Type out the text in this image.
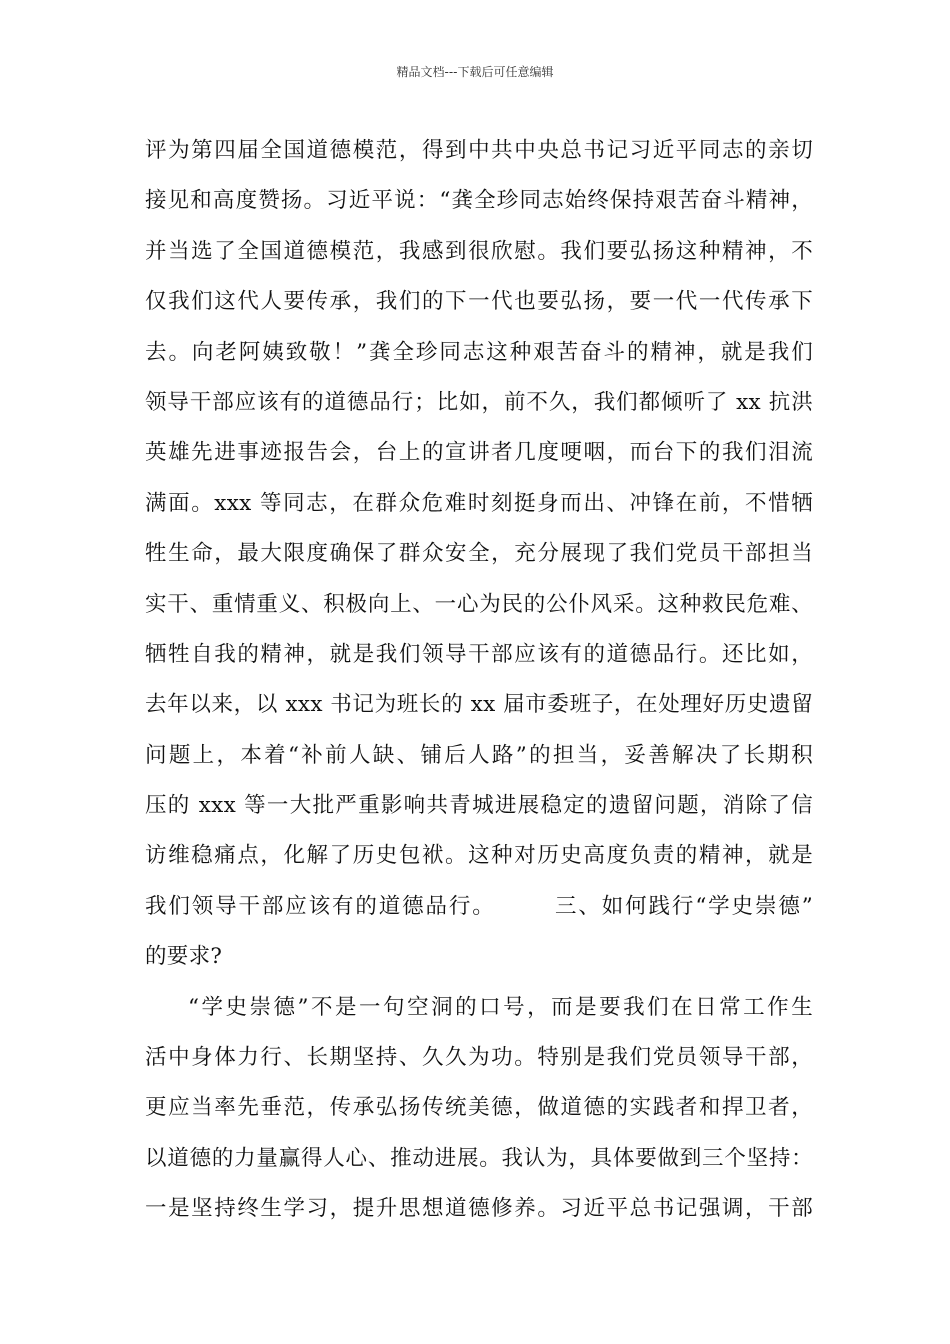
精品文档---下载后可任意编辑
评为第四届全国道德模范，得到中共中央总书记习近平同志的亲切
接见和高度赞扬。习近平说：“龚全珍同志始终保持艰苦奋斗精神，
并当选了全国道德模范，我感到很欣慰。我们要弘扬这种精神，不
仅我们这代人要传承，我们的下一代也要弘扬，要一代一代传承下
去。向老阿姨致敬！”龚全珍同志这种艰苦奋斗的精神，就是我们
领导干部应该有的道德品行；比如，前不久，我们都倾听了 xx 抗洪
英雄先进事迹报告会，台上的宣讲者几度哽咽，而台下的我们泪流
满面。xxx 等同志，在群众危难时刻挺身而出、冲锋在前，不惜牺
牲生命，最大限度确保了群众安全，充分展现了我们党员干部担当
实干、重情重义、积极向上、一心为民的公仆风采。这种救民危难、
牺牲自我的精神，就是我们领导干部应该有的道德品行。还比如，
去年以来，以 xxx 书记为班长的 xx 届市委班子，在处理好历史遗留
问题上，本着“补前人缺、铺后人路”的担当，妥善解决了长期积
压的 xxx 等一大批严重影响共青城进展稳定的遗留问题，消除了信
访维稳痛点，化解了历史包袱。这种对历史高度负责的精神，就是
我们领导干部应该有的道德品行。　　　三、如何践行“学史崇德”
的要求?
“学史崇德”不是一句空洞的口号，而是要我们在日常工作生
活中身体力行、长期坚持、久久为功。特别是我们党员领导干部，
更应当率先垂范，传承弘扬传统美德，做道德的实践者和捍卫者，
以道德的力量赢得人心、推动进展。我认为，具体要做到三个坚持：
一是坚持终生学习，提升思想道德修养。习近平总书记强调，干部
